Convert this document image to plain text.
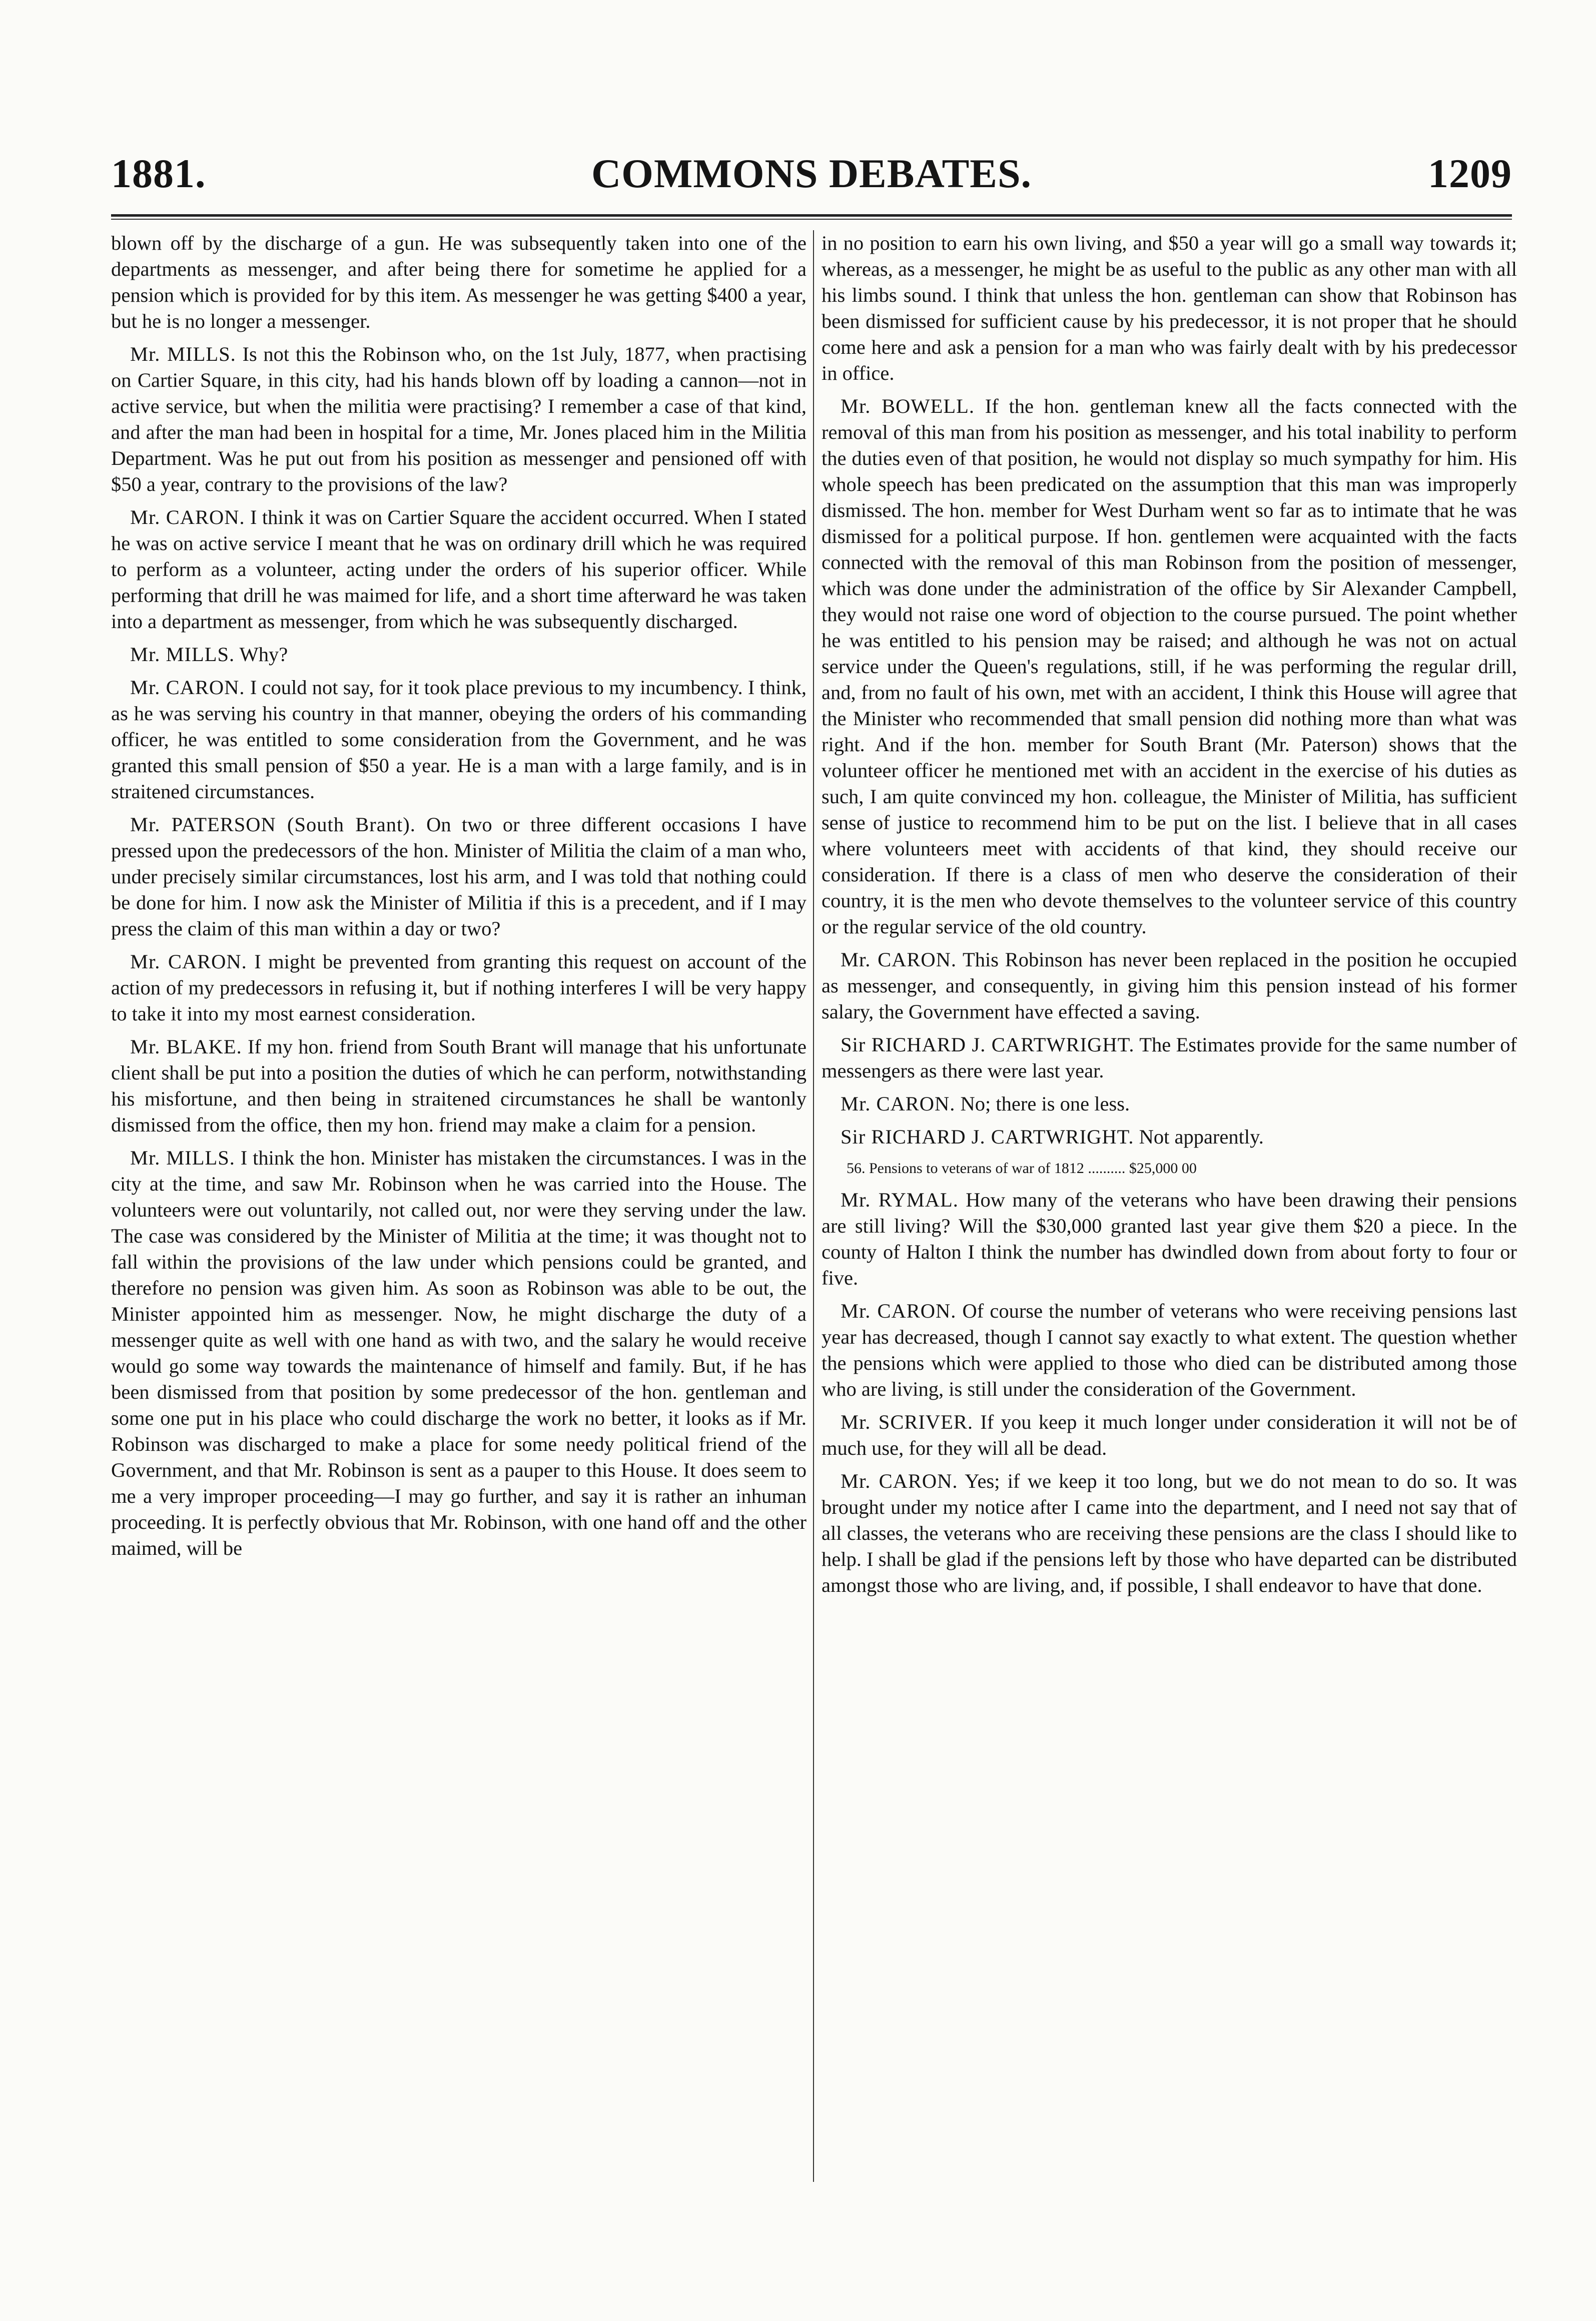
1881.	COMMONS DEBATES.	1209

blown off by the discharge of a gun. He was subsequently taken into one of the departments as messenger, and after being there for sometime he applied for a pension which is provided for by this item. As messenger he was getting $400 a year, but he is no longer a messenger.

Mr. MILLS. Is not this the Robinson who, on the 1st July, 1877, when practising on Cartier Square, in this city, had his hands blown off by loading a cannon—not in active service, but when the militia were practising? I remember a case of that kind, and after the man had been in hospital for a time, Mr. Jones placed him in the Militia Department. Was he put out from his position as messenger and pensioned off with $50 a year, contrary to the provisions of the law?

Mr. CARON. I think it was on Cartier Square the accident occurred. When I stated he was on active service I meant that he was on ordinary drill which he was required to perform as a volunteer, acting under the orders of his superior officer. While performing that drill he was maimed for life, and a short time afterward he was taken into a department as messenger, from which he was subsequently discharged.

Mr. MILLS. Why?

Mr. CARON. I could not say, for it took place previous to my incumbency. I think, as he was serving his country in that manner, obeying the orders of his commanding officer, he was entitled to some consideration from the Government, and he was granted this small pension of $50 a year. He is a man with a large family, and is in straitened circumstances.

Mr. PATERSON (South Brant). On two or three different occasions I have pressed upon the predecessors of the hon. Minister of Militia the claim of a man who, under precisely similar circumstances, lost his arm, and I was told that nothing could be done for him. I now ask the Minister of Militia if this is a precedent, and if I may press the claim of this man within a day or two?

Mr. CARON. I might be prevented from granting this request on account of the action of my predecessors in refusing it, but if nothing interferes I will be very happy to take it into my most earnest consideration.

Mr. BLAKE. If my hon. friend from South Brant will manage that his unfortunate client shall be put into a position the duties of which he can perform, notwithstanding his misfortune, and then being in straitened circumstances he shall be wantonly dismissed from the office, then my hon. friend may make a claim for a pension.

Mr. MILLS. I think the hon. Minister has mistaken the circumstances. I was in the city at the time, and saw Mr. Robinson when he was carried into the House. The volunteers were out voluntarily, not called out, nor were they serving under the law. The case was considered by the Minister of Militia at the time; it was thought not to fall within the provisions of the law under which pensions could be granted, and therefore no pension was given him. As soon as Robinson was able to be out, the Minister appointed him as messenger. Now, he might discharge the duty of a messenger quite as well with one hand as with two, and the salary he would receive would go some way towards the maintenance of himself and family. But, if he has been dismissed from that position by some predecessor of the hon. gentleman and some one put in his place who could discharge the work no better, it looks as if Mr. Robinson was discharged to make a place for some needy political friend of the Government, and that Mr. Robinson is sent as a pauper to this House. It does seem to me a very improper proceeding—I may go further, and say it is rather an inhuman proceeding. It is perfectly obvious that Mr. Robinson, with one hand off and the other maimed, will be

in no position to earn his own living, and $50 a year will go a small way towards it; whereas, as a messenger, he might be as useful to the public as any other man with all his limbs sound. I think that unless the hon. gentleman can show that Robinson has been dismissed for sufficient cause by his predecessor, it is not proper that he should come here and ask a pension for a man who was fairly dealt with by his predecessor in office.

Mr. BOWELL. If the hon. gentleman knew all the facts connected with the removal of this man from his position as messenger, and his total inability to perform the duties even of that position, he would not display so much sympathy for him. His whole speech has been predicated on the assumption that this man was improperly dismissed. The hon. member for West Durham went so far as to intimate that he was dismissed for a political purpose. If hon. gentlemen were acquainted with the facts connected with the removal of this man Robinson from the position of messenger, which was done under the administration of the office by Sir Alexander Campbell, they would not raise one word of objection to the course pursued. The point whether he was entitled to his pension may be raised; and although he was not on actual service under the Queen's regulations, still, if he was performing the regular drill, and, from no fault of his own, met with an accident, I think this House will agree that the Minister who recommended that small pension did nothing more than what was right. And if the hon. member for South Brant (Mr. Paterson) shows that the volunteer officer he mentioned met with an accident in the exercise of his duties as such, I am quite convinced my hon. colleague, the Minister of Militia, has sufficient sense of justice to recommend him to be put on the list. I believe that in all cases where volunteers meet with accidents of that kind, they should receive our consideration. If there is a class of men who deserve the consideration of their country, it is the men who devote themselves to the volunteer service of this country or the regular service of the old country.

Mr. CARON. This Robinson has never been replaced in the position he occupied as messenger, and consequently, in giving him this pension instead of his former salary, the Government have effected a saving.

Sir RICHARD J. CARTWRIGHT. The Estimates provide for the same number of messengers as there were last year.

Mr. CARON. No; there is one less.

Sir RICHARD J. CARTWRIGHT. Not apparently.

56. Pensions to veterans of war of 1812 .......... $25,000 00

Mr. RYMAL. How many of the veterans who have been drawing their pensions are still living? Will the $30,000 granted last year give them $20 a piece. In the county of Halton I think the number has dwindled down from about forty to four or five.

Mr. CARON. Of course the number of veterans who were receiving pensions last year has decreased, though I cannot say exactly to what extent. The question whether the pensions which were applied to those who died can be distributed among those who are living, is still under the consideration of the Government.

Mr. SCRIVER. If you keep it much longer under consideration it will not be of much use, for they will all be dead.

Mr. CARON. Yes; if we keep it too long, but we do not mean to do so. It was brought under my notice after I came into the department, and I need not say that of all classes, the veterans who are receiving these pensions are the class I should like to help. I shall be glad if the pensions left by those who have departed can be distributed amongst those who are living, and, if possible, I shall endeavor to have that done.
